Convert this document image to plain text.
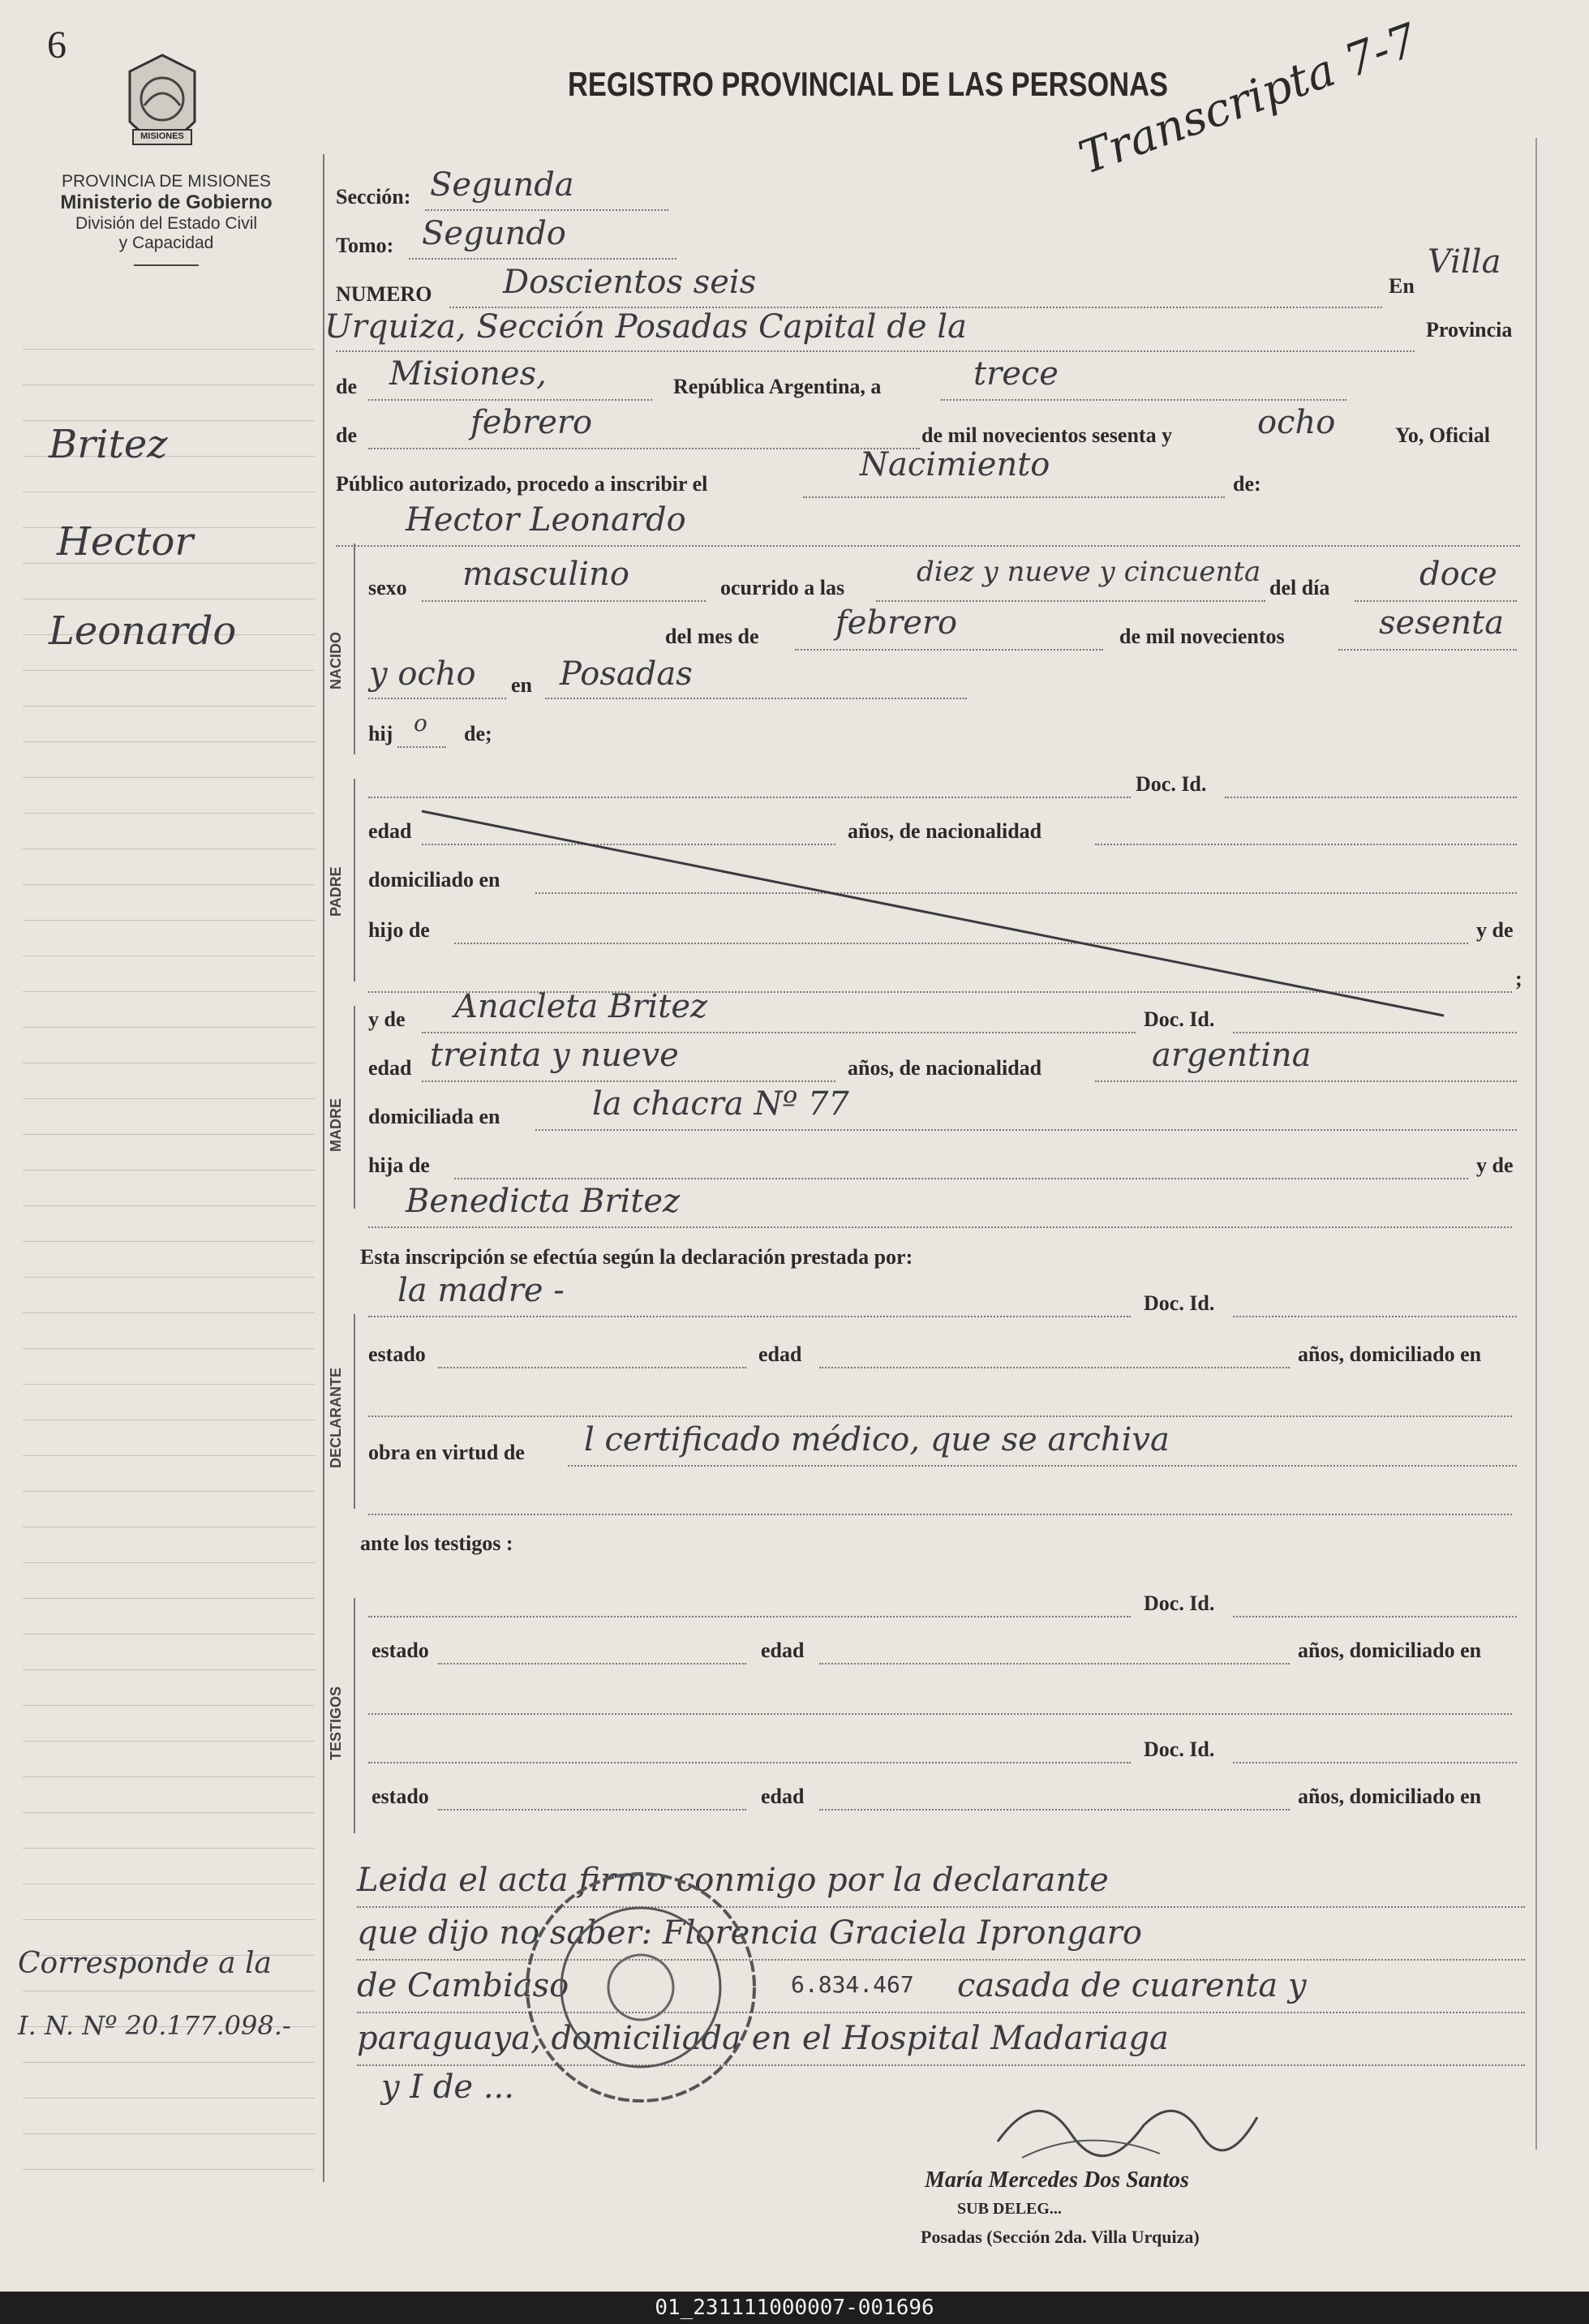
6
MISIONES
PROVINCIA DE MISIONES
Ministerio de Gobierno
División del Estado Civil
y Capacidad
REGISTRO PROVINCIAL DE LAS PERSONAS
Transcripta 7-7
Britez
Hector
Leonardo
Corresponde a la
I. N. Nº 20.177.098.-
Sección: Segunda
Tomo: Segundo
NUMERO Doscientos seis	En
Villa
Urquiza, Sección Posadas Capital de la	Provincia
de Misiones,	República Argentina, a	trece
de	febrero	de mil novecientos sesenta y	ocho	Yo, Oficial
Público autorizado, procedo a inscribir el
Nacimiento
de:
Hector Leonardo
NACIDO
sexo masculino	ocurrido a las	diez y nueve y cincuenta del día	doce
del mes de febrero	de mil novecientos	sesenta
y ocho en Posadas
hij o de;
Doc. Id.
PADRE
edad	años, de nacionalidad
domiciliado en
hijo de	y de
;
y de Anacleta Britez	Doc. Id.
MADRE
edad treinta y nueve	años, de nacionalidad	argentina
domiciliada en	la chacra Nº 77
hija de	y de
Benedicta Britez
Esta inscripción se efectúa según la declaración prestada por:
la madre -	Doc. Id.
DECLARANTE
estado	edad	años, domiciliado en
obra en virtud de l certificado médico, que se archiva
ante los testigos :
Doc. Id.
TESTIGOS
estado	edad	años, domiciliado en
Doc. Id.
estado	edad	años, domiciliado en
Leida el acta firmo conmigo por la declarante
que dijo no saber: Florencia Graciela Iprongaro
de Cambiaso	6.834.467 casada de cuarenta y
paraguaya, domiciliada en el Hospital Madariaga
y I de ...
María Mercedes Dos Santos
SUB DELEG...
Posadas (Sección 2da. Villa Urquiza)
01_231111000007-001696
